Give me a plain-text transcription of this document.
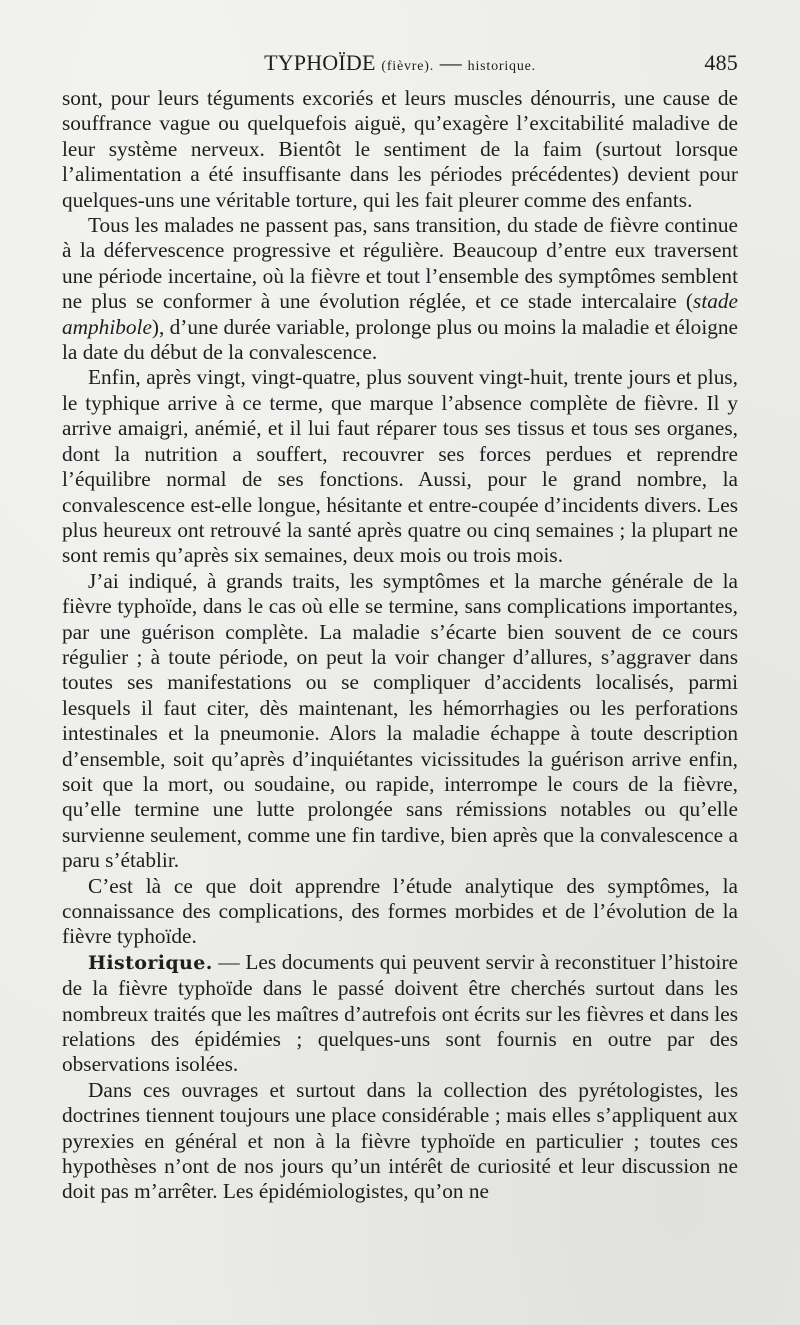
TYPHOÏDE (fièvre). — historique.	485

sont, pour leurs téguments excoriés et leurs muscles dénourris, une cause de souffrance vague ou quelquefois aiguë, qu’exagère l’excitabilité maladive de leur système nerveux. Bientôt le sentiment de la faim (surtout lorsque l’alimentation a été insuffisante dans les périodes précédentes) devient pour quelques-uns une véritable torture, qui les fait pleurer comme des enfants.

Tous les malades ne passent pas, sans transition, du stade de fièvre continue à la défervescence progressive et régulière. Beaucoup d’entre eux traversent une période incertaine, où la fièvre et tout l’ensemble des symptômes semblent ne plus se conformer à une évolution réglée, et ce stade intercalaire (stade amphibole), d’une durée variable, prolonge plus ou moins la maladie et éloigne la date du début de la convalescence.

Enfin, après vingt, vingt-quatre, plus souvent vingt-huit, trente jours et plus, le typhique arrive à ce terme, que marque l’absence complète de fièvre. Il y arrive amaigri, anémié, et il lui faut réparer tous ses tissus et tous ses organes, dont la nutrition a souffert, recouvrer ses forces perdues et reprendre l’équilibre normal de ses fonctions. Aussi, pour le grand nombre, la convalescence est-elle longue, hésitante et entre-coupée d’incidents divers. Les plus heureux ont retrouvé la santé après quatre ou cinq semaines ; la plupart ne sont remis qu’après six semaines, deux mois ou trois mois.

J’ai indiqué, à grands traits, les symptômes et la marche générale de la fièvre typhoïde, dans le cas où elle se termine, sans complications importantes, par une guérison complète. La maladie s’écarte bien souvent de ce cours régulier ; à toute période, on peut la voir changer d’allures, s’aggraver dans toutes ses manifestations ou se compliquer d’accidents localisés, parmi lesquels il faut citer, dès maintenant, les hémorrhagies ou les perforations intestinales et la pneumonie. Alors la maladie échappe à toute description d’ensemble, soit qu’après d’inquiétantes vicissitudes la guérison arrive enfin, soit que la mort, ou soudaine, ou rapide, interrompe le cours de la fièvre, qu’elle termine une lutte prolongée sans rémissions notables ou qu’elle survienne seulement, comme une fin tardive, bien après que la convalescence a paru s’établir.

C’est là ce que doit apprendre l’étude analytique des symptômes, la connaissance des complications, des formes morbides et de l’évolution de la fièvre typhoïde.

Historique. — Les documents qui peuvent servir à reconstituer l’histoire de la fièvre typhoïde dans le passé doivent être cherchés surtout dans les nombreux traités que les maîtres d’autrefois ont écrits sur les fièvres et dans les relations des épidémies ; quelques-uns sont fournis en outre par des observations isolées.

Dans ces ouvrages et surtout dans la collection des pyrétologistes, les doctrines tiennent toujours une place considérable ; mais elles s’appliquent aux pyrexies en général et non à la fièvre typhoïde en particulier ; toutes ces hypothèses n’ont de nos jours qu’un intérêt de curiosité et leur discussion ne doit pas m’arrêter. Les épidémiologistes, qu’on ne
